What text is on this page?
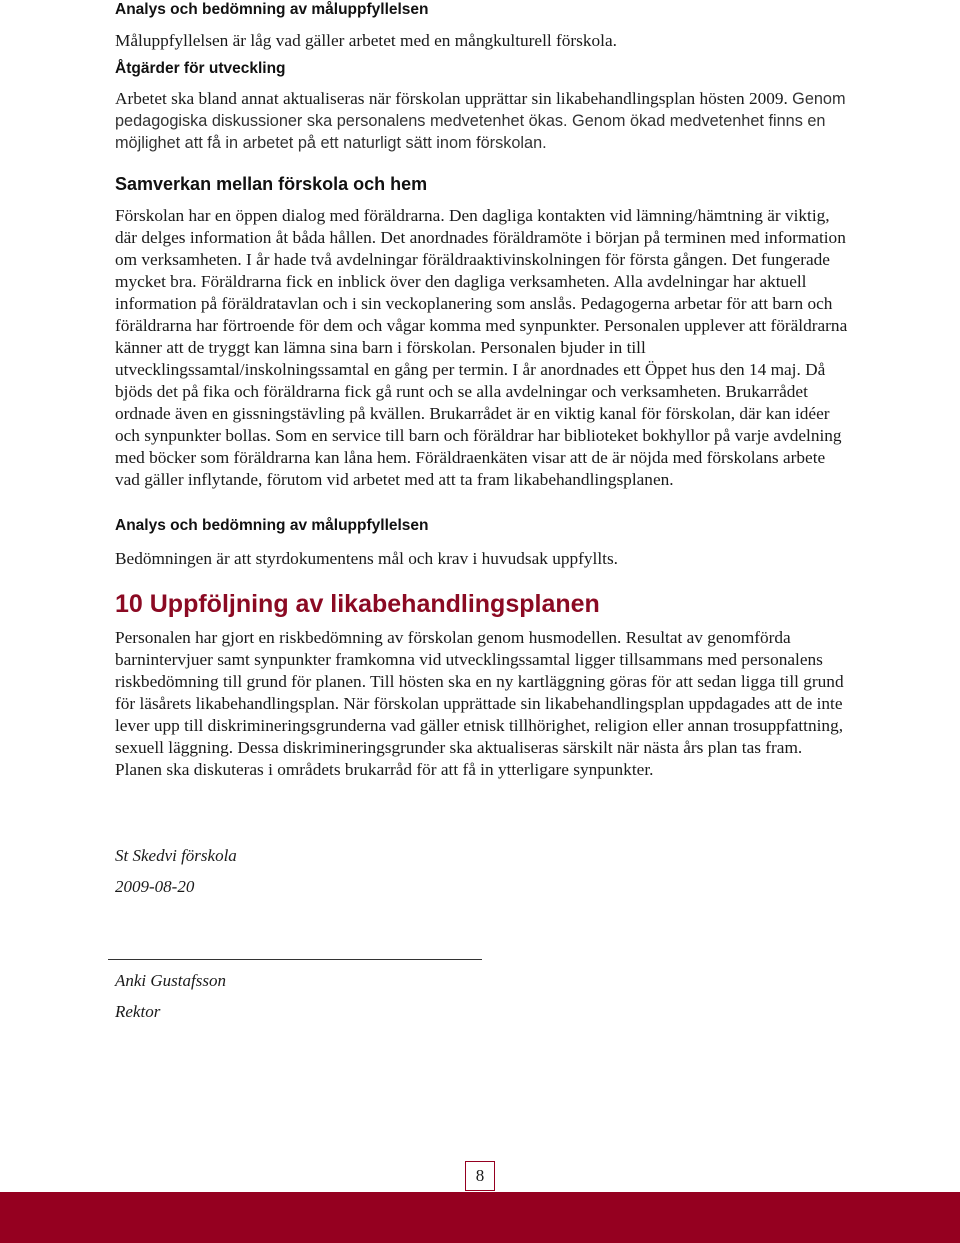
Analys och bedömning av måluppfyllelsen

Måluppfyllelsen är låg vad gäller arbetet med en mångkulturell förskola.

Åtgärder för utveckling

Arbetet ska bland annat aktualiseras när förskolan upprättar sin likabehandlingsplan hösten 2009. Genom pedagogiska diskussioner ska personalens medvetenhet ökas. Genom ökad medvetenhet finns en möjlighet att få in arbetet på ett naturligt sätt inom förskolan.

Samverkan mellan förskola och hem

Förskolan har en öppen dialog med föräldrarna. Den dagliga kontakten vid lämning/hämtning är viktig, där delges information åt båda hållen. Det anordnades föräldramöte i början på terminen med information om verksamheten. I år hade två avdelningar föräldraaktivinskolningen för första gången. Det fungerade mycket bra. Föräldrarna fick en inblick över den dagliga verksamheten. Alla avdelningar har aktuell information på föräldratavlan och i sin veckoplanering som anslås. Pedagogerna arbetar för att barn och föräldrarna har förtroende för dem och vågar komma med synpunkter. Personalen upplever att föräldrarna känner att de tryggt kan lämna sina barn i förskolan. Personalen bjuder in till utvecklingssamtal/inskolningssamtal en gång per termin. I år anordnades ett Öppet hus den 14 maj. Då bjöds det på fika och föräldrarna fick gå runt och se alla avdelningar och verksamheten. Brukarrådet ordnade även en gissningstävling på kvällen. Brukarrådet är en viktig kanal för förskolan, där kan idéer och synpunkter bollas. Som en service till barn och föräldrar har biblioteket bokhyllor på varje avdelning med böcker som föräldrarna kan låna hem. Föräldraenkäten visar att de är nöjda med förskolans arbete vad gäller inflytande, förutom vid arbetet med att ta fram likabehandlingsplanen.

Analys och bedömning av måluppfyllelsen

Bedömningen är att styrdokumentens mål och krav i huvudsak uppfyllts.

10 Uppföljning av likabehandlingsplanen

Personalen har gjort en riskbedömning av förskolan genom husmodellen. Resultat av genomförda barnintervjuer samt synpunkter framkomna vid utvecklingssamtal ligger tillsammans med personalens riskbedömning till grund för planen. Till hösten ska en ny kartläggning göras för att sedan ligga till grund för läsårets likabehandlingsplan. När förskolan upprättade sin likabehandlingsplan uppdagades att de inte lever upp till diskrimineringsgrunderna vad gäller etnisk tillhörighet, religion eller annan trosuppfattning, sexuell läggning. Dessa diskrimineringsgrunder ska aktualiseras särskilt när nästa års plan tas fram. Planen ska diskuteras i områdets brukarråd för att få in ytterligare synpunkter.

St Skedvi förskola

2009-08-20

Anki Gustafsson

Rektor

8
